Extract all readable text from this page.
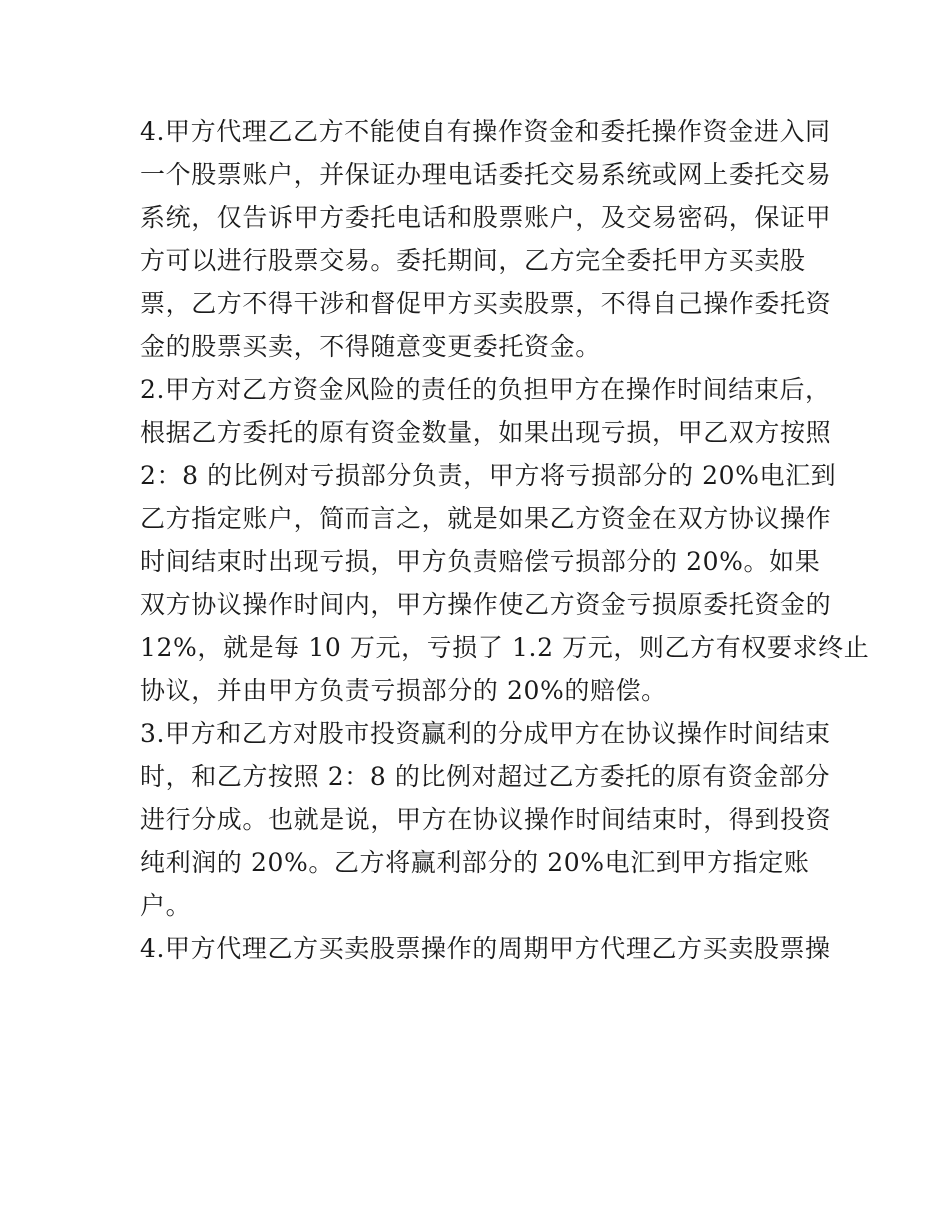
4.甲方代理乙乙方不能使自有操作资金和委托操作资金进入同
一个股票账户，并保证办理电话委托交易系统或网上委托交易
系统，仅告诉甲方委托电话和股票账户，及交易密码，保证甲
方可以进行股票交易。委托期间，乙方完全委托甲方买卖股
票，乙方不得干涉和督促甲方买卖股票，不得自己操作委托资
金的股票买卖，不得随意变更委托资金。
2.甲方对乙方资金风险的责任的负担甲方在操作时间结束后，
根据乙方委托的原有资金数量，如果出现亏损，甲乙双方按照
2：8 的比例对亏损部分负责，甲方将亏损部分的 20%电汇到
乙方指定账户，简而言之，就是如果乙方资金在双方协议操作
时间结束时出现亏损，甲方负责赔偿亏损部分的 20%。如果
双方协议操作时间内，甲方操作使乙方资金亏损原委托资金的
12%，就是每 10 万元，亏损了 1.2 万元，则乙方有权要求终止
协议，并由甲方负责亏损部分的 20%的赔偿。
3.甲方和乙方对股市投资赢利的分成甲方在协议操作时间结束
时，和乙方按照 2：8 的比例对超过乙方委托的原有资金部分
进行分成。也就是说，甲方在协议操作时间结束时，得到投资
纯利润的 20%。乙方将赢利部分的 20%电汇到甲方指定账
户。
4.甲方代理乙方买卖股票操作的周期甲方代理乙方买卖股票操
